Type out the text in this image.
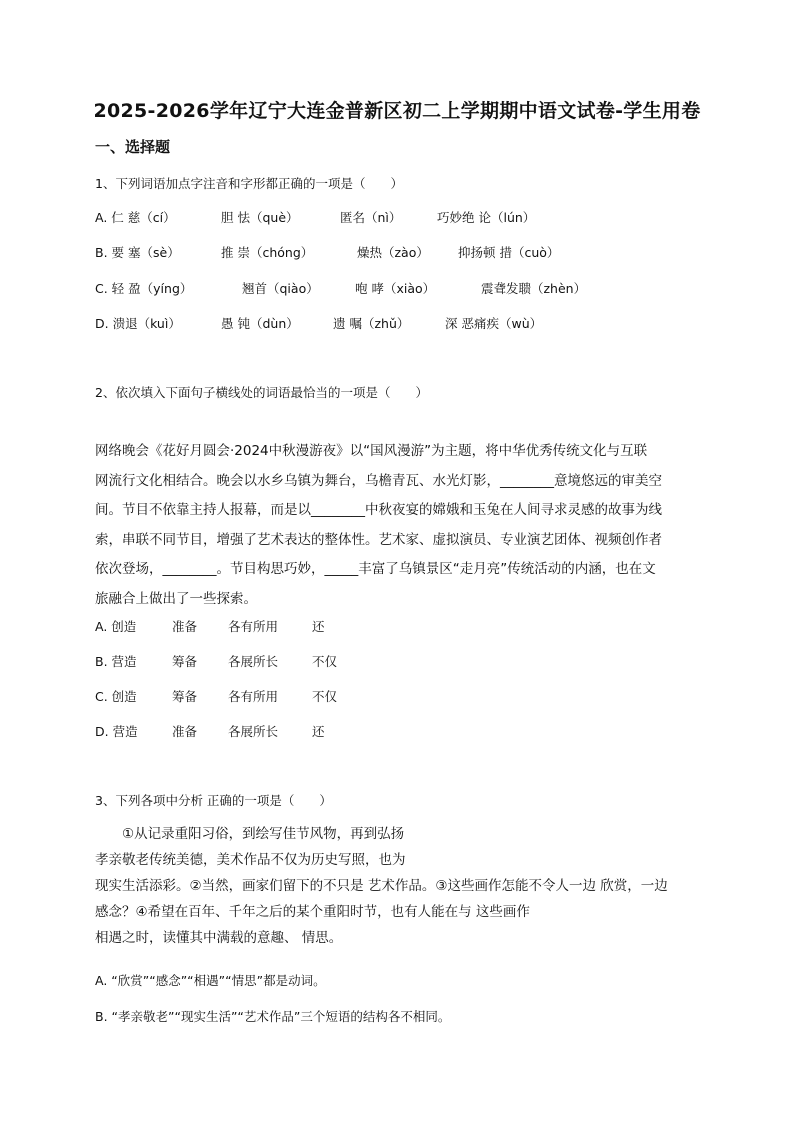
2025-2026学年辽宁大连金普新区初二上学期期中语文试卷-学生用卷
一、选择题
1、下列词语加点字注音和字形都正确的一项是（　　）
A. 仁 慈（cí）	胆 怯（què）	匿名（nì）	巧妙绝 论（lún）
B. 要 塞（sè）	推 崇（chóng）	燥热（zào） 抑扬顿 措（cuò）
C. 轻 盈（yíng）	翘首（qiào）	咆 哮（xiào）	震聋发聩（zhèn）
D. 溃退（kuì）	愚 钝（dùn）	遗 嘱（zhǔ）	深 恶痛疾（wù）
2、依次填入下面句子横线处的词语最恰当的一项是（　　）
网络晚会《花好月圆会·2024中秋漫游夜》以“国风漫游”为主题，将中华优秀传统文化与互联
网流行文化相结合。晚会以水乡乌镇为舞台，乌檐青瓦、水光灯影，________意境悠远的审美空
间。节目不依靠主持人报幕，而是以________中秋夜宴的嫦娥和玉兔在人间寻求灵感的故事为线
索，串联不同节目，增强了艺术表达的整体性。艺术家、虚拟演员、专业演艺团体、视频创作者
依次登场，________。节目构思巧妙，_____丰富了乌镇景区“走月亮”传统活动的内涵，也在文
旅融合上做出了一些探索。
A. 创造	准备 各有所用	还
B. 营造	筹备 各展所长	不仅
C. 创造	筹备 各有所用	不仅
D. 营造	准备 各展所长	还
3、下列各项中分析 正确的一项是（　　）
　　①从记录重阳习俗，到绘写佳节风物，再到弘扬
孝亲敬老传统美德，美术作品不仅为历史写照，也为
现实生活添彩。②当然，画家们留下的不只是 艺术作品。③这些画作怎能不令人一边 欣赏，一边
感念？④希望在百年、千年之后的某个重阳时节，也有人能在与 这些画作
相遇之时，读懂其中满载的意趣、 情思。
A. “欣赏”“感念”“相遇”“情思”都是动词。
B. “孝亲敬老”“现实生活”“艺术作品”三个短语的结构各不相同。
